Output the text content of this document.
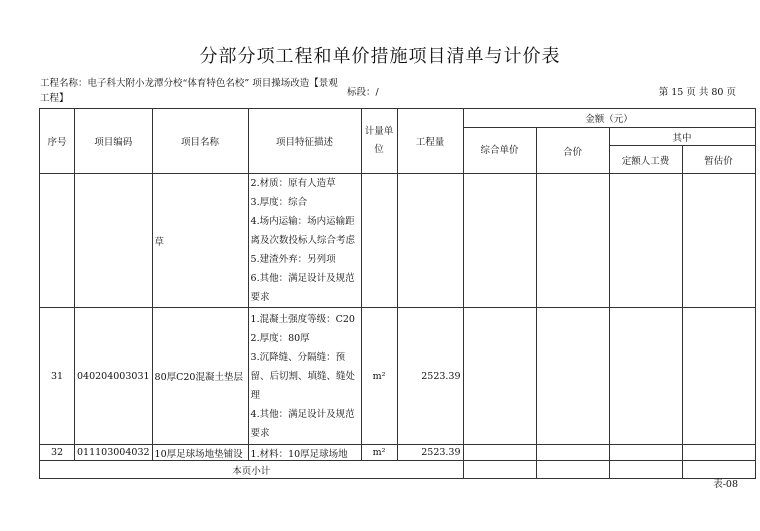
分部分项工程和单价措施项目清单与计价表
工程名称：电子科大附小龙潭分校“体育特色名校” 项目操场改造【景观
工程】
标段：/	第 15 页 共 80 页
序号	项目编码	项目名称	项目特征描述	计量单位	工程量	金额（元）			
						综合单价	合价	其中	
								定额人工费	暂估价
		草	2.材质：原有人造草
3.厚度：综合
4.场内运输：场内运输距离及次数投标人综合考虑
5.建渣外弃：另列项
6.其他：满足设计及规范要求						

31	040204003031	80厚C20混凝土垫层	1.混凝土强度等级：C20
2.厚度：80厚
3.沉降缝、分隔缝：预留、后切割、填缝、缝处理
4.其他：满足设计及规范要求	m²	2523.39				
32	011103004032	10厚足球场地垫铺设	1.材料：10厚足球场地	m²	2523.39				
本页小计									
表-08
